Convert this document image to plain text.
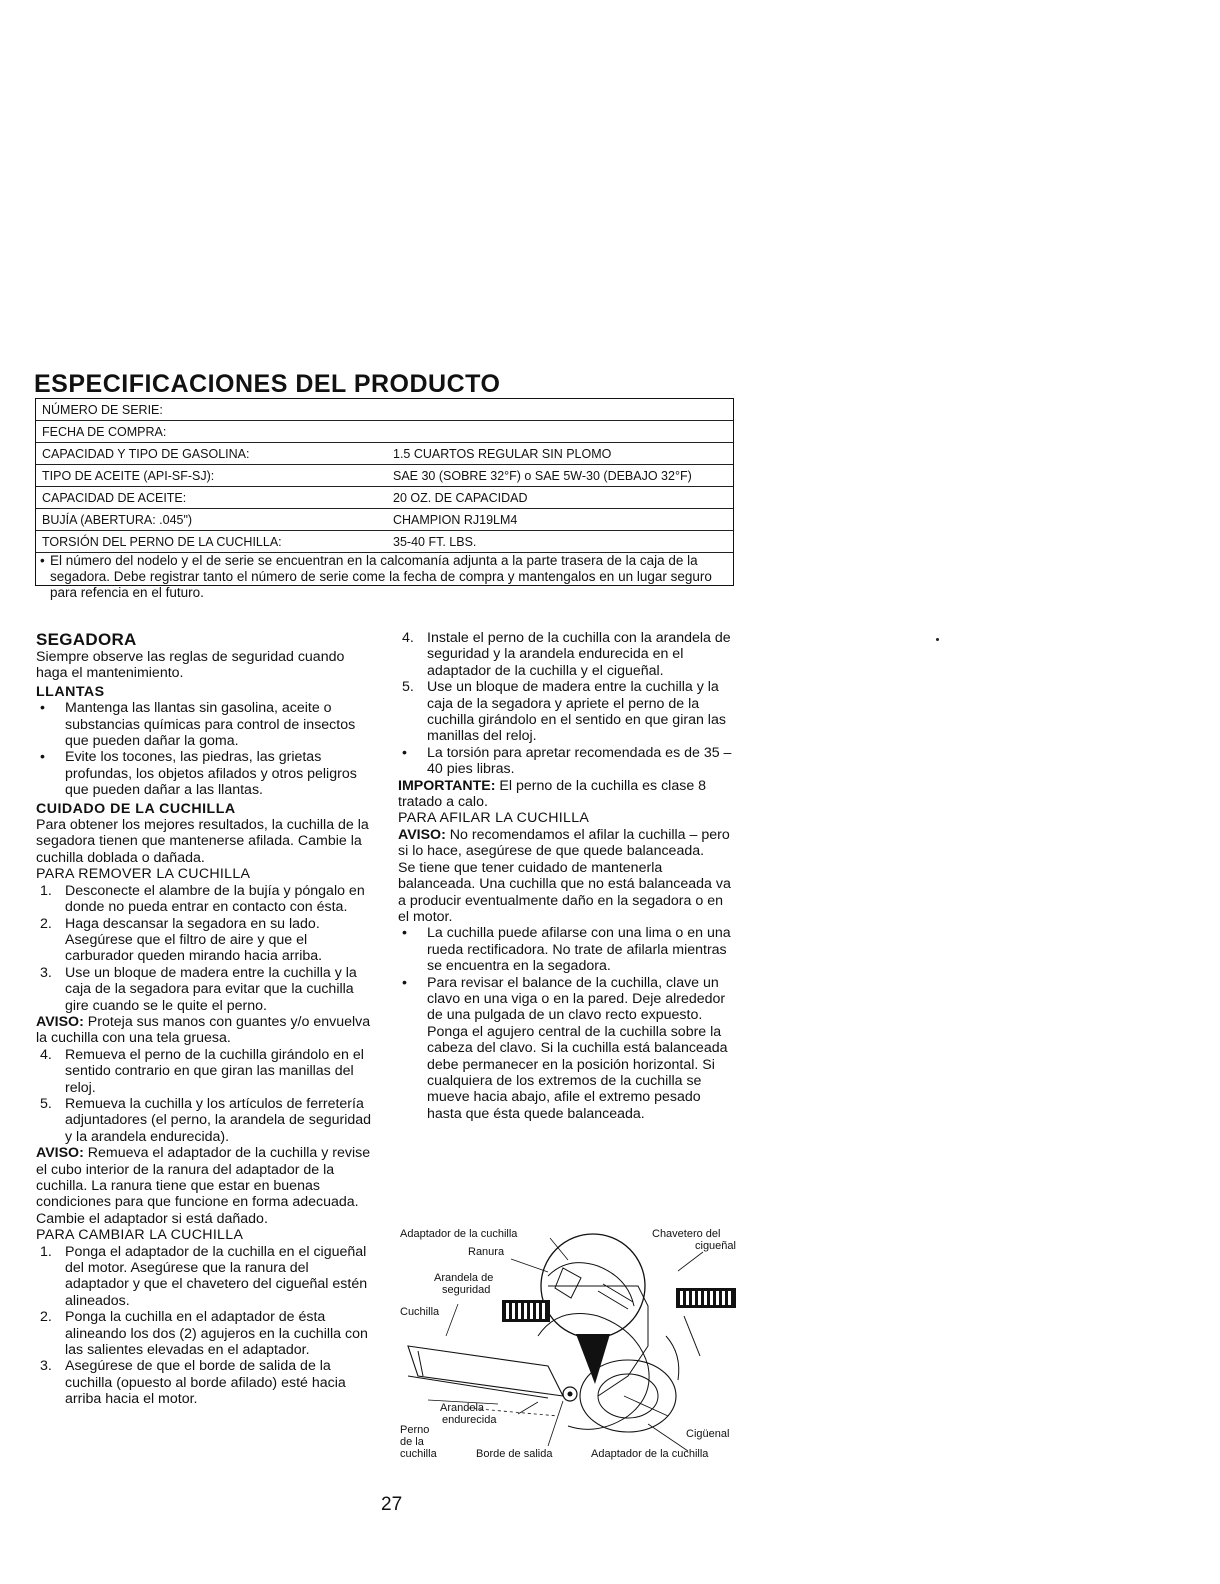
ESPECIFICACIONES DEL PRODUCTO
NÚMERO DE SERIE:	
FECHA DE COMPRA:	
CAPACIDAD Y TIPO DE GASOLINA:	1.5 CUARTOS REGULAR SIN PLOMO
TIPO DE ACEITE (API-SF-SJ):	SAE 30 (SOBRE 32°F) o SAE 5W-30 (DEBAJO 32°F)
CAPACIDAD DE ACEITE:	20 OZ. DE CAPACIDAD
BUJÍA (ABERTURA: .045")	CHAMPION RJ19LM4
TORSIÓN DEL PERNO DE LA CUCHILLA:	35-40 FT. LBS.
• El número del nodelo y el de serie se encuentran en la calcomanía adjunta a la parte trasera de la caja de la segadora. Debe registrar tanto el número de serie come la fecha de compra y mantengalos en un lugar seguro para refencia en el futuro.

SEGADORA

Siempre observe las reglas de seguridad cuando haga el mantenimiento.

LLANTAS

• Mantenga las llantas sin gasolina, aceite o substancias químicas para control de insectos que pueden dañar la goma.
• Evite los tocones, las piedras, las grietas profundas, los objetos afilados y otros peligros que pueden dañar a las llantas.

CUIDADO DE LA CUCHILLA

Para obtener los mejores resultados, la cuchilla de la segadora tienen que mantenerse afilada. Cambie la cuchilla doblada o dañada.

PARA REMOVER LA CUCHILLA

1. Desconecte el alambre de la bujía y póngalo en donde no pueda entrar en contacto con ésta.
2. Haga descansar la segadora en su lado. Asegúrese que el filtro de aire y que el carburador queden mirando hacia arriba.
3. Use un bloque de madera entre la cuchilla y la caja de la segadora para evitar que la cuchilla gire cuando se le quite el perno.

AVISO: Proteja sus manos con guantes y/o envuelva la cuchilla con una tela gruesa.

4. Remueva el perno de la cuchilla girándolo en el sentido contrario en que giran las manillas del reloj.
5. Remueva la cuchilla y los artículos de ferretería adjuntadores (el perno, la arandela de seguridad y la arandela endurecida).

AVISO: Remueva el adaptador de la cuchilla y revise el cubo interior de la ranura del adaptador de la cuchilla. La ranura tiene que estar en buenas condiciones para que funcione en forma adecuada. Cambie el adaptador si está dañado.

PARA CAMBIAR LA CUCHILLA

1. Ponga el adaptador de la cuchilla en el cigueñal del motor. Asegúrese que la ranura del adaptador y que el chavetero del cigueñal estén alineados.
2. Ponga la cuchilla en el adaptador de ésta alineando los dos (2) agujeros en la cuchilla con las salientes elevadas en el adaptador.
3. Asegúrese de que el borde de salida de la cuchilla (opuesto al borde afilado) esté hacia arriba hacia el motor.
4. Instale el perno de la cuchilla con la arandela de seguridad y la arandela endurecida en el adaptador de la cuchilla y el cigueñal.
5. Use un bloque de madera entre la cuchilla y la caja de la segadora y apriete el perno de la cuchilla girándolo en el sentido en que giran las manillas del reloj.
• La torsión para apretar recomendada es de 35 – 40 pies libras.

IMPORTANTE: El perno de la cuchilla es clase 8 tratado a calo.

PARA AFILAR LA CUCHILLA

AVISO: No recomendamos el afilar la cuchilla – pero si lo hace, asegúrese de que quede balanceada.

Se tiene que tener cuidado de mantenerla balanceada. Una cuchilla que no está balanceada va a producir eventualmente daño en la segadora o en el motor.

• La cuchilla puede afilarse con una lima o en una rueda rectificadora. No trate de afilarla mientras se encuentra en la segadora.
• Para revisar el balance de la cuchilla, clave un clavo en una viga o en la pared. Deje alrededor de una pulgada de un clavo recto expuesto. Ponga el agujero central de la cuchilla sobre la cabeza del clavo. Si la cuchilla está balanceada debe permanecer en la posición horizontal. Si cualquiera de los extremos de la cuchilla se mueve hacia abajo, afile el extremo pesado hasta que ésta quede balanceada.
Adaptador de la cuchilla	Chavetero del
cigueñal
Ranura
Arandela de
seguridad
Cuchilla
Arandela
endurecida
Perno
de la
cuchilla
Cigüenal
Borde de salida	Adaptador de la cuchilla
27
